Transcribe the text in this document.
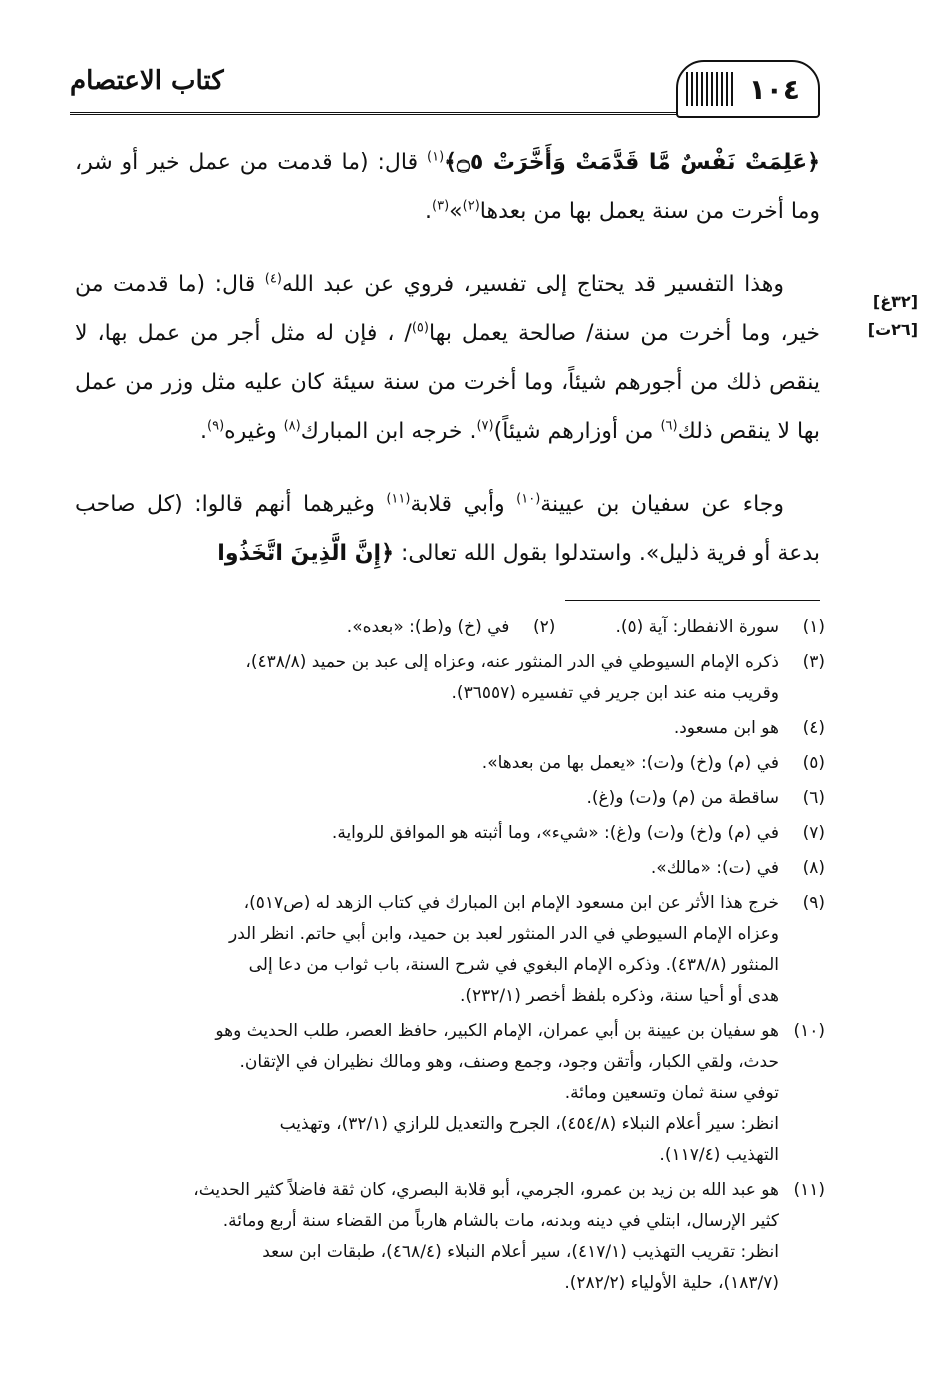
كتاب الاعتصام	١٠٤
[٣٢غ]
[٢٦ت]

﴿عَلِمَتْ نَفْسٌ مَّا قَدَّمَتْ وَأَخَّرَتْ ۝٥﴾$^{(١)}$ قال: (ما قدمت من عمل خير أو شر، وما أخرت من سنة يعمل بها من بعدها$^{(٢)}$»$^{(٣)}$.

وهذا التفسير قد يحتاج إلى تفسير، فروي عن عبد الله$^{(٤)}$ قال: (ما قدمت من خير، وما أخرت من سنة/ صالحة يعمل بها$^{(٥)}$/ ، فإن له مثل أجر من عمل بها، لا ينقص ذلك من أجورهم شيئاً، وما أخرت من سنة سيئة كان عليه مثل وزر من عمل بها لا ينقص ذلك$^{(٦)}$ من أوزارهم شيئاً)$^{(٧)}$. خرجه ابن المبارك$^{(٨)}$ وغيره$^{(٩)}$.

وجاء عن سفيان بن عيينة$^{(١٠)}$ وأبي قلابة$^{(١١)}$ وغيرهما أنهم قالوا: (كل صاحب بدعة أو فرية ذليل». واستدلوا بقول الله تعالى: ﴿إِنَّ الَّذِينَ اتَّخَذُوا

(١)
سورة الانفطار: آية (٥).
(٢)
في (خ) و(ط): «بعده».
(٣)
ذكره الإمام السيوطي في الدر المنثور عنه، وعزاه إلى عبد بن حميد (٤٣٨/٨)،
وقريب منه عند ابن جرير في تفسيره (٣٦٥٥٧).
(٤)
هو ابن مسعود.
(٥)
في (م) و(خ) و(ت): «يعمل بها من بعدها».
(٦)
ساقطة من (م) و(ت) و(غ).
(٧)
في (م) و(خ) و(ت) و(غ): «شيء»، وما أثبته هو الموافق للرواية.
(٨)
في (ت): «مالك».
(٩)
خرج هذا الأثر عن ابن مسعود الإمام ابن المبارك في كتاب الزهد له (ص٥١٧)،
وعزاه الإمام السيوطي في الدر المنثور لعبد بن حميد، وابن أبي حاتم. انظر الدر
المنثور (٤٣٨/٨). وذكره الإمام البغوي في شرح السنة، باب ثواب من دعا إلى
هدى أو أحيا سنة، وذكره بلفظ أخصر (٢٣٢/١).
(١٠)
هو سفيان بن عيينة بن أبي عمران، الإمام الكبير، حافظ العصر، طلب الحديث وهو
حدث، ولقي الكبار، وأتقن وجود، وجمع وصنف، وهو ومالك نظيران في الإتقان.
توفي سنة ثمان وتسعين ومائة.
انظر: سير أعلام النبلاء (٤٥٤/٨)، الجرح والتعديل للرازي (٣٢/١)، وتهذيب
التهذيب (١١٧/٤).
(١١)
هو عبد الله بن زيد بن عمرو، الجرمي، أبو قلابة البصري، كان ثقة فاضلاً كثير الحديث،
كثير الإرسال، ابتلي في دينه وبدنه، مات بالشام هارباً من القضاء سنة أربع ومائة.
انظر: تقريب التهذيب (٤١٧/١)، سير أعلام النبلاء (٤٦٨/٤)، طبقات ابن سعد
(١٨٣/٧)، حلية الأولياء (٢٨٢/٢).
